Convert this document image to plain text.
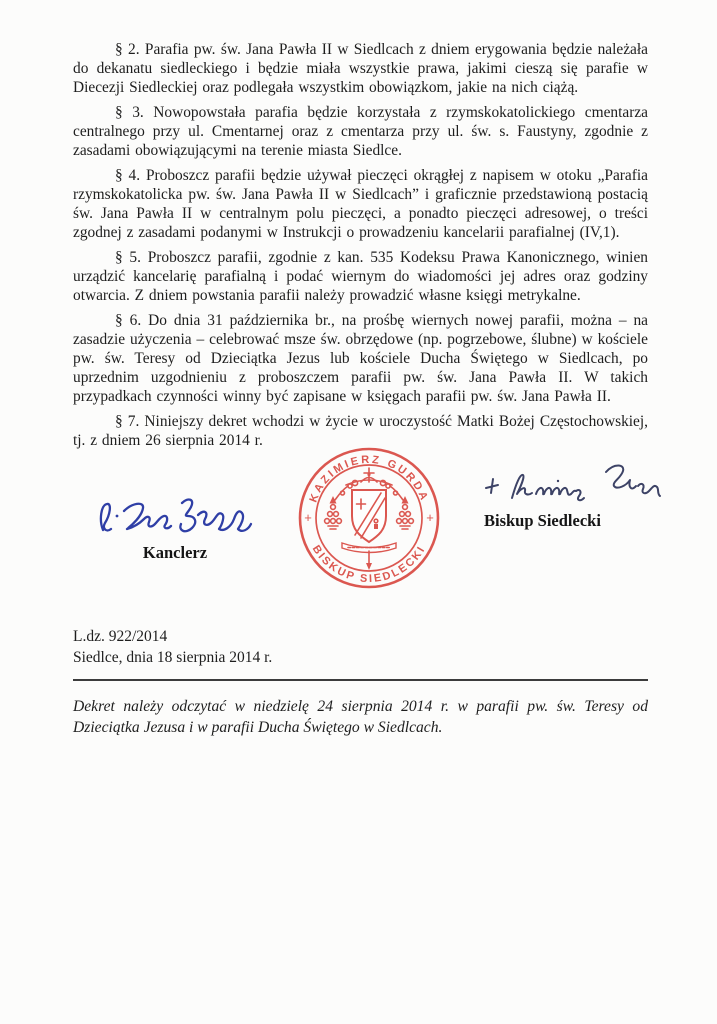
§ 2. Parafia pw. św. Jana Pawła II w Siedlcach z dniem erygowania będzie należała do dekanatu siedleckiego i będzie miała wszystkie prawa, jakimi cieszą się parafie w Diecezji Siedleckiej oraz podlegała wszystkim obowiązkom, jakie na nich ciążą.

§ 3. Nowopowstała parafia będzie korzystała z rzymskokatolickiego cmentarza centralnego przy ul. Cmentarnej oraz z cmentarza przy ul. św. s. Faustyny, zgodnie z zasadami obowiązującymi na terenie miasta Siedlce.

§ 4. Proboszcz parafii będzie używał pieczęci okrągłej z napisem w otoku „Parafia rzymskokatolicka pw. św. Jana Pawła II w Siedlcach” i graficznie przedstawioną postacią św. Jana Pawła II w centralnym polu pieczęci, a ponadto pieczęci adresowej, o treści zgodnej z zasadami podanymi w Instrukcji o prowadzeniu kancelarii parafialnej (IV,1).

§ 5. Proboszcz parafii, zgodnie z kan. 535 Kodeksu Prawa Kanonicznego, winien urządzić kancelarię parafialną i podać wiernym do wiadomości jej adres oraz godziny otwarcia. Z dniem powstania parafii należy prowadzić własne księgi metrykalne.

§ 6. Do dnia 31 października br., na prośbę wiernych nowej parafii, można – na zasadzie użyczenia – celebrować msze św. obrzędowe (np. pogrzebowe, ślubne) w kościele pw. św. Teresy od Dzieciątka Jezus lub kościele Ducha Świętego w Siedlcach, po uprzednim uzgodnieniu z proboszczem parafii pw. św. Jana Pawła II. W takich przypadkach czynności winny być zapisane w księgach parafii pw. św. Jana Pawła II.

§ 7. Niniejszy dekret wchodzi w życie w uroczystość Matki Bożej Częstochowskiej, tj. z dniem 26 sierpnia 2014 r.

Kanclerz
KAZIMIERZ GURDA
BISKUP SIEDLECKI
+	+	Biskup Siedlecki
L.dz. 922/2014
Siedlce, dnia 18 sierpnia 2014 r.

Dekret należy odczytać w niedzielę 24 sierpnia 2014 r. w parafii pw. św. Teresy od Dzieciątka Jezusa i w parafii Ducha Świętego w Siedlcach.
